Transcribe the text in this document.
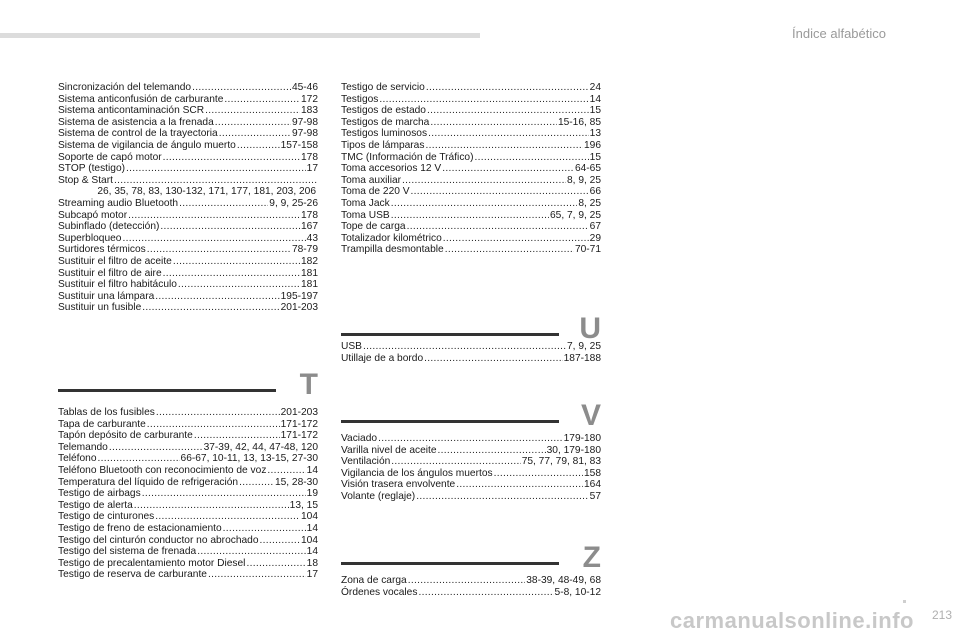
Índice alfabético
Sincronización del telemando .....	45-46
Sistema anticonfusión de carburante .....	172
Sistema anticontaminación SCR .....	183
Sistema de asistencia a la frenada .....	97-98
Sistema de control de la trayectoria .....	97-98
Sistema de vigilancia de ángulo muerto .....	157-158
Soporte de capó motor .....	178
STOP (testigo) .....	17
Stop & Start
.....
26, 35, 78, 83, 130-132, 171, 177, 181, 203, 206
Streaming audio Bluetooth .....	9, 9, 25-26
Subcapó motor .....	178
Subinflado (detección) .....	167
Superbloqueo .....	43
Surtidores térmicos .....	78-79
Sustituir el filtro de aceite .....	182
Sustituir el filtro de aire .....	181
Sustituir el filtro habitáculo .....	181
Sustituir una lámpara .....	195-197
Sustituir un fusible .....	201-203
T
Tablas de los fusibles .....	201-203
Tapa de carburante .....	171-172
Tapón depósito de carburante .....	171-172
Telemando .....	37-39, 42, 44, 47-48, 120
Teléfono .....	66-67, 10-11, 13, 13-15, 27-30
Teléfono Bluetooth con reconocimiento de voz .....	14
Temperatura del líquido de refrigeración .....	15, 28-30
Testigo de airbags .....	19
Testigo de alerta .....	13, 15
Testigo de cinturones .....	104
Testigo de freno de estacionamiento .....	14
Testigo del cinturón conductor no abrochado .....	104
Testigo del sistema de frenada .....	14
Testigo de precalentamiento motor Diesel .....	18
Testigo de reserva de carburante .....	17
Testigo de servicio .....	24
Testigos .....	14
Testigos de estado .....	15
Testigos de marcha .....	15-16, 85
Testigos luminosos .....	13
Tipos de lámparas .....	196
TMC (Información de Tráfico) .....	15
Toma accesorios 12 V .....	64-65
Toma auxiliar .....	8, 9, 25
Toma de 220 V .....	66
Toma Jack .....	8, 25
Toma USB .....	65, 7, 9, 25
Tope de carga .....	67
Totalizador kilométrico .....	29
Trampilla desmontable .....	70-71
U
USB .....	7, 9, 25
Utillaje de a bordo .....	187-188
V
Vaciado .....	179-180
Varilla nivel de aceite .....	30, 179-180
Ventilación .....	75, 77, 79, 81, 83
Vigilancia de los ángulos muertos .....	158
Visión trasera envolvente .....	164
Volante (reglaje) .....	57
Z
Zona de carga .....	38-39, 48-49, 68
Órdenes vocales .....	5-8, 10-12
213
carmanualsonline.info
